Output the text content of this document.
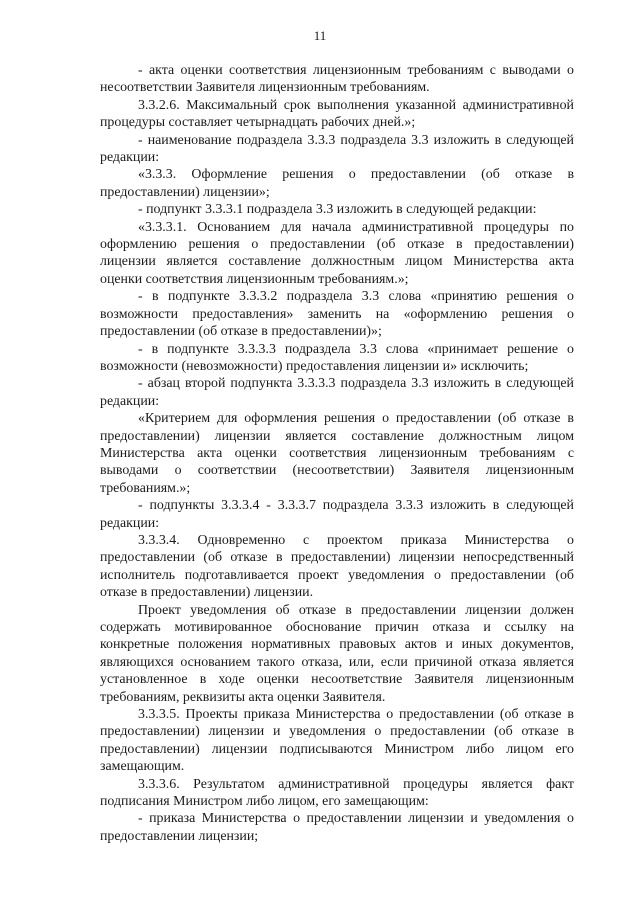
11

- акта оценки соответствия лицензионным требованиям с выводами о несоответствии Заявителя лицензионным требованиям.

3.3.2.6. Максимальный срок выполнения указанной административной процедуры составляет четырнадцать рабочих дней.»;

- наименование подраздела 3.3.3 подраздела 3.3 изложить в следующей редакции:

«3.3.3. Оформление решения о предоставлении (об отказе в предоставлении) лицензии»;

- подпункт 3.3.3.1 подраздела 3.3 изложить в следующей редакции:

«3.3.3.1. Основанием для начала административной процедуры по оформлению решения о предоставлении (об отказе в предоставлении) лицензии является составление должностным лицом Министерства акта оценки соответствия лицензионным требованиям.»;

- в подпункте 3.3.3.2 подраздела 3.3 слова «принятию решения о возможности предоставления» заменить на «оформлению решения о предоставлении (об отказе в предоставлении)»;

- в подпункте 3.3.3.3 подраздела 3.3 слова «принимает решение о возможности (невозможности) предоставления лицензии и» исключить;

- абзац второй подпункта 3.3.3.3 подраздела 3.3 изложить в следующей редакции:

«Критерием для оформления решения о предоставлении (об отказе в предоставлении) лицензии является составление должностным лицом Министерства акта оценки соответствия лицензионным требованиям с выводами о соответствии (несоответствии) Заявителя лицензионным требованиям.»;

- подпункты 3.3.3.4 - 3.3.3.7 подраздела 3.3.3 изложить в следующей редакции:

3.3.3.4. Одновременно с проектом приказа Министерства о предоставлении (об отказе в предоставлении) лицензии непосредственный исполнитель подготавливается проект уведомления о предоставлении (об отказе в предоставлении) лицензии.

Проект уведомления об отказе в предоставлении лицензии должен содержать мотивированное обоснование причин отказа и ссылку на конкретные положения нормативных правовых актов и иных документов, являющихся основанием такого отказа, или, если причиной отказа является установленное в ходе оценки несоответствие Заявителя лицензионным требованиям, реквизиты акта оценки Заявителя.

3.3.3.5. Проекты приказа Министерства о предоставлении (об отказе в предоставлении) лицензии и уведомления о предоставлении (об отказе в предоставлении) лицензии подписываются Министром либо лицом его замещающим.

3.3.3.6. Результатом административной процедуры является факт подписания Министром либо лицом, его замещающим:

- приказа Министерства о предоставлении лицензии и уведомления о предоставлении лицензии;
